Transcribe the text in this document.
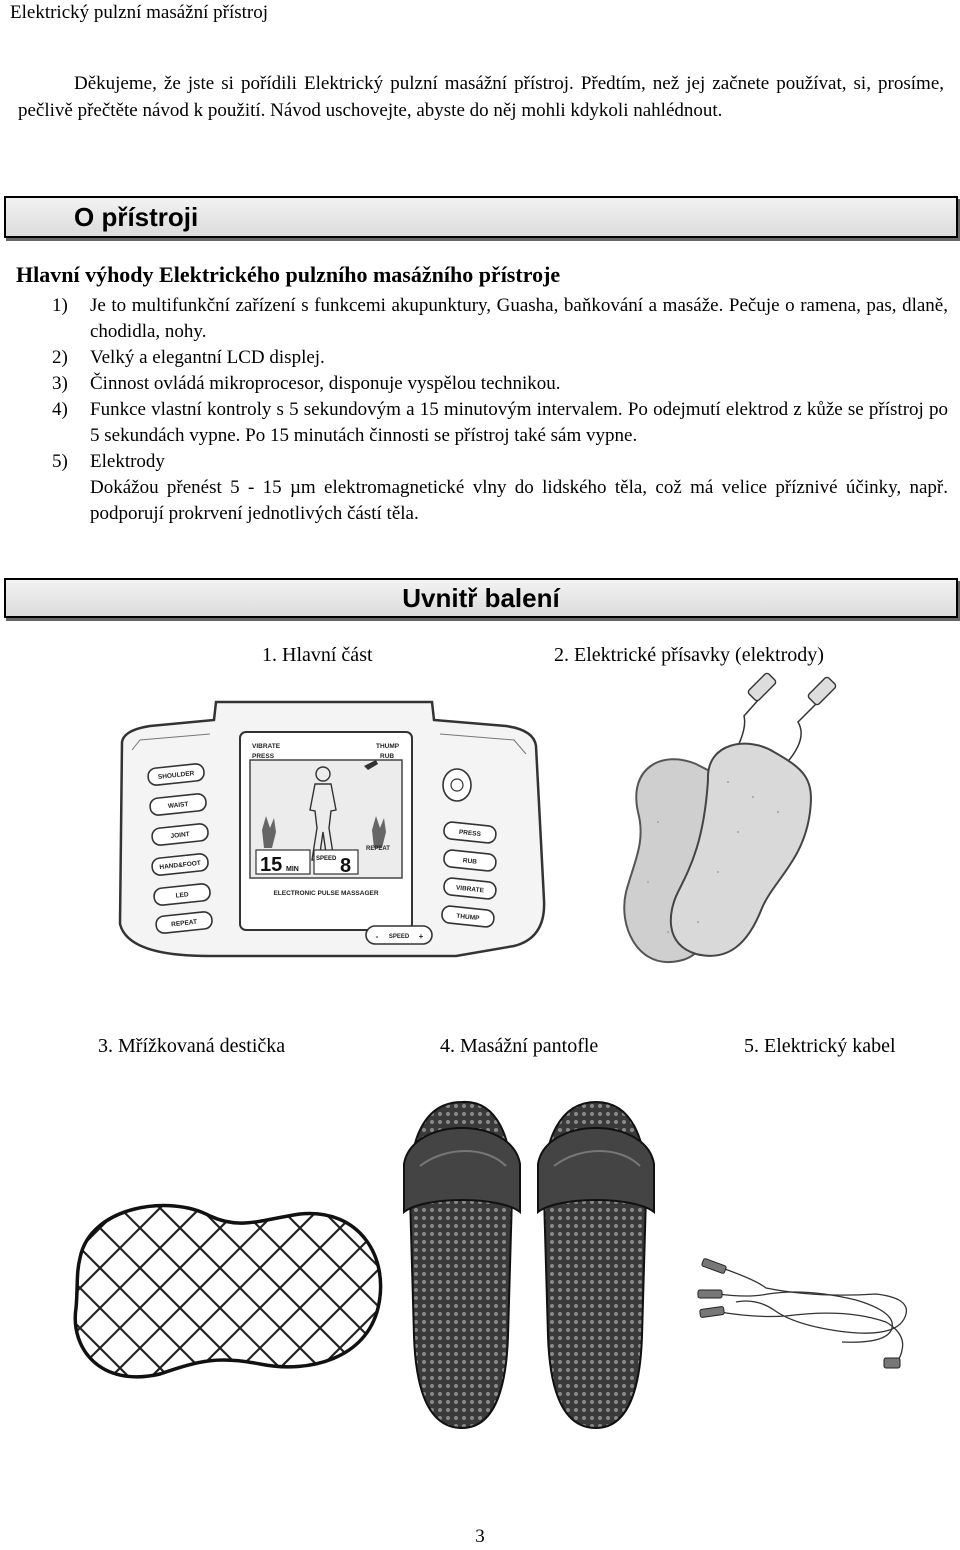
Elektrický pulzní masážní přístroj
Děkujeme, že jste si pořídili Elektrický pulzní masážní přístroj. Předtím, než jej začnete používat, si, prosíme, pečlivě přečtěte návod k použití. Návod uschovejte, abyste do něj mohli kdykoli nahlédnout.
O přístroji
Hlavní výhody Elektrického pulzního masážního přístroje
1) Je to multifunkční zařízení s funkcemi akupunktury, Guasha, baňkování a masáže. Pečuje o ramena, pas, dlaně, chodidla, nohy.
2) Velký a elegantní LCD displej.
3) Činnost ovládá mikroprocesor, disponuje vyspělou technikou.
4) Funkce vlastní kontroly s 5 sekundovým a 15 minutovým intervalem. Po odejmutí elektrod z kůže se přístroj po 5 sekundách vypne. Po 15 minutách činnosti se přístroj také sám vypne.
5) Elektrody
Dokážou přenést 5 - 15 µm elektromagnetické vlny do lidského těla, což má velice příznivé účinky, např. podporují prokrvení jednotlivých částí těla.
Uvnitř balení
1. Hlavní část	2. Elektrické přísavky (elektrody)
3. Mřížkovaná destička	4. Masážní pantofle	5. Elektrický kabel
SHOULDER
WAIST
JOINT
HAND&FOOT
LED
REPEAT
VIBRATE	THUMP
PRESS	RUB
15 MIN
SPEED 8
REPEAT
ELECTRONIC PULSE MASSAGER
PRESS
RUB
VIBRATE
THUMP
- SPEED +
3
